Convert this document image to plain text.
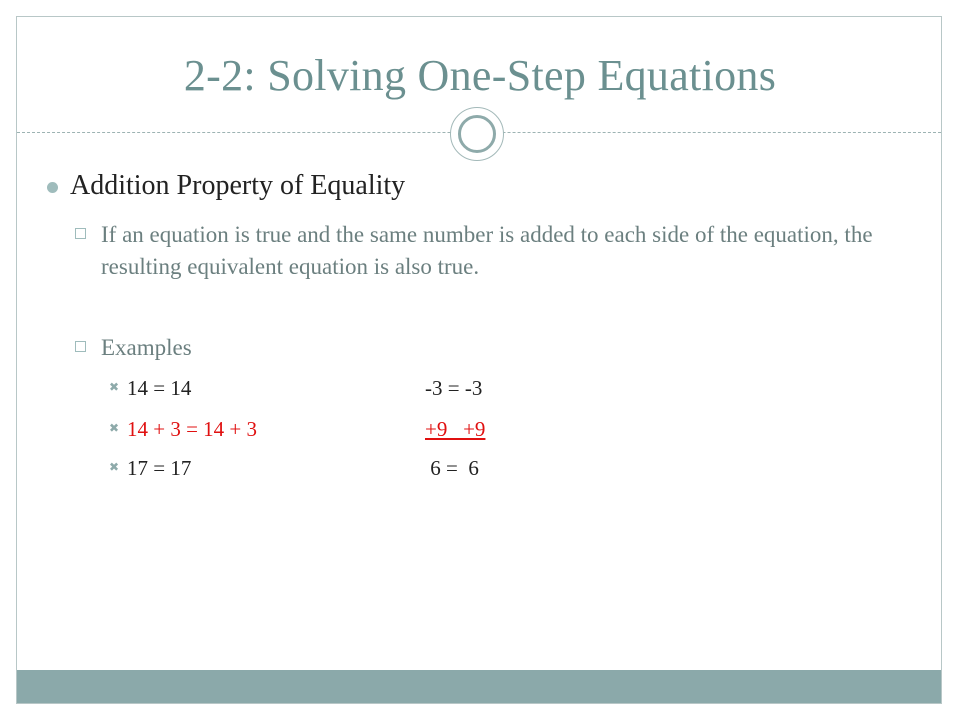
2-2: Solving One-Step Equations
Addition Property of Equality
If an equation is true and the same number is added to each side of the equation, the resulting equivalent equation is also true.
Examples
✖ 14 = 14	-3 = -3
✖ 14 + 3 = 14 + 3	+9   +9
✖ 17 = 17	6 =  6
